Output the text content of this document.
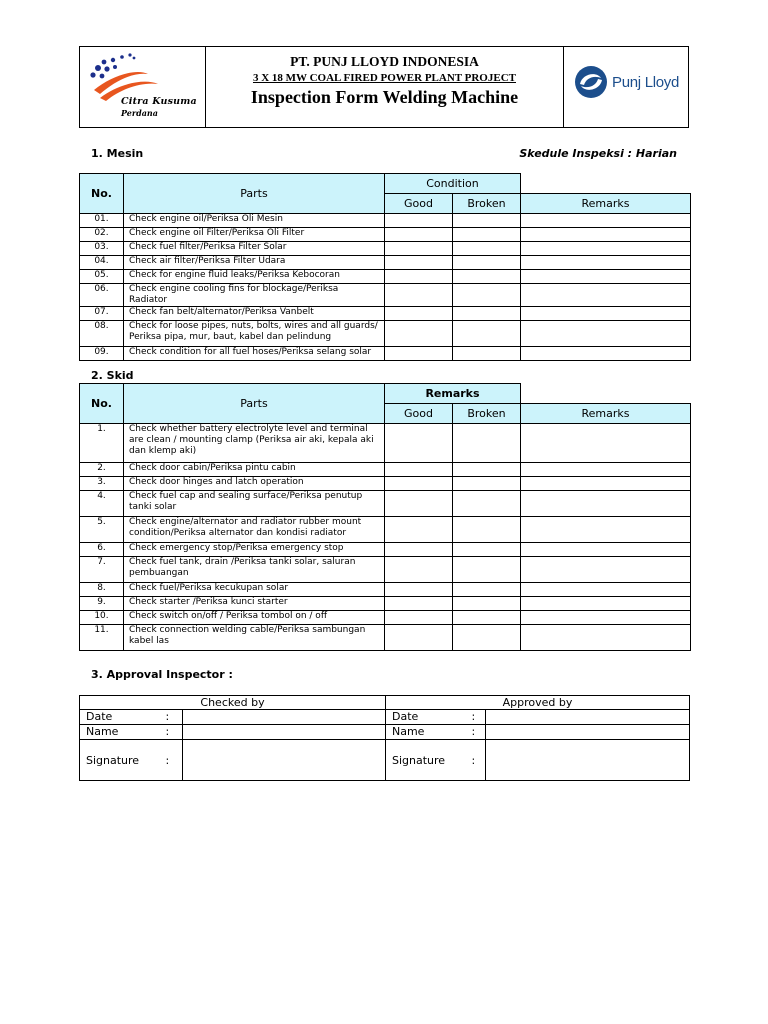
Citra Kusuma
Perdana
PT. PUNJ LLOYD INDONESIA
3 X 18 MW COAL FIRED POWER PLANT PROJECT
Inspection Form Welding Machine
Punj Lloyd
1. Mesin	Skedule Inspeksi : Harian
No.	Parts	Condition		
		Good	Broken	Remarks
01.	Check engine oil/Periksa Oli Mesin			

02.	Check engine oil Filter/Periksa Oli Filter			

03.	Check fuel filter/Periksa Filter Solar			

04.	Check air filter/Periksa Filter Udara			

05.	Check for engine fluid leaks/Periksa Kebocoran			

06.	Check engine cooling fins for blockage/Periksa Radiator			

07.	Check fan belt/alternator/Periksa Vanbelt			

08.	Check for loose pipes, nuts, bolts, wires and all guards/
Periksa pipa, mur, baut, kabel dan pelindung			

09.	Check condition for all fuel hoses/Periksa selang solar			

2. Skid
No.	Parts	Remarks		
		Good	Broken	Remarks
1.	Check whether battery electrolyte level and terminal
are clean / mounting clamp (Periksa air aki, kepala aki
dan klemp aki)			

2.	Check door cabin/Periksa pintu cabin			

3.	Check door hinges and latch operation			

4.	Check fuel cap and sealing surface/Periksa penutup
tanki solar			

5.	Check engine/alternator and radiator rubber mount
condition/Periksa alternator dan kondisi radiator			

6.	Check emergency stop/Periksa emergency stop			

7.	Check fuel tank, drain /Periksa tanki solar, saluran
pembuangan			

8.	Check fuel/Periksa kecukupan solar			

9.	Check starter /Periksa kunci starter			

10.	Check switch on/off / Periksa tombol on / off			

11.	Check connection welding cable/Periksa sambungan
kabel las			

3. Approval Inspector :
Checked by			Approved by		
Date	:		Date	:	
Name	:		Name	:	
Signature	:		Signature	:	
